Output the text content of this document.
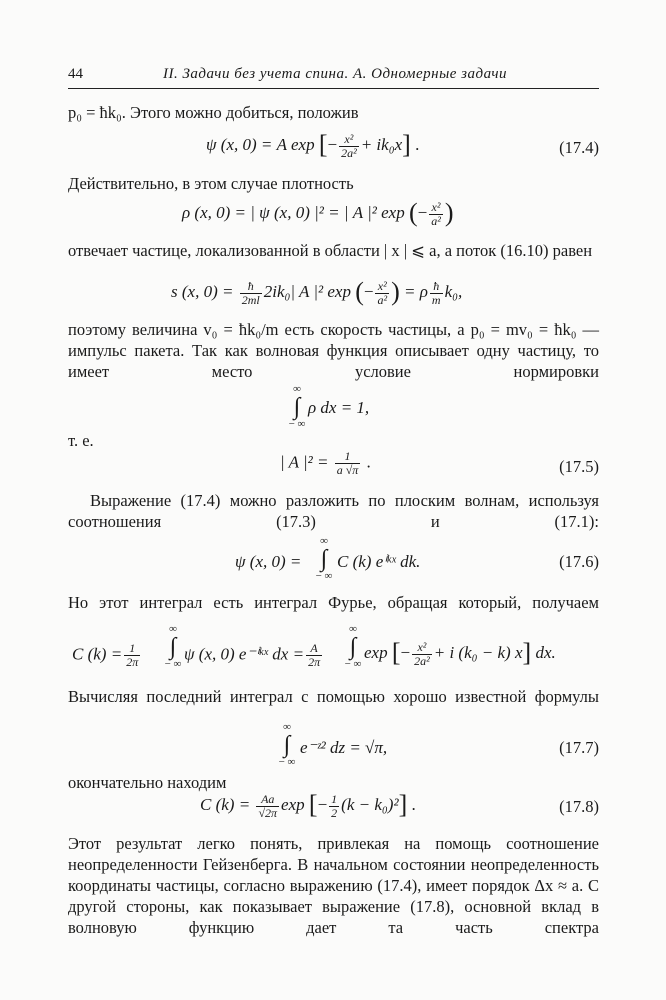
44	II. Задачи без учета спина. А. Одномерные задачи
p₀ = ħk₀. Этого можно добиться, положив
ψ (x, 0) = A exp [− $\frac{\text{x²}}{\text{2a²}} + ik_0x$] .	(17.4)
Действительно, в этом случае плотность
ρ (x, 0) = | ψ (x, 0) |² = | A |² exp (− $\frac{\text{x²}}{\text{a²}}$ )
отвечает частице, локализованной в области | x | ⩽ a, а поток (16.10) равен
s (x, $0) = \frac{ħ}{2ml} 2ik_0|$ A |² exp (− $\frac{\text{x²}}{\text{a²}}$ ) = ρ $\frac{ħ}{m} k_0$,
поэтому величина v₀ = ħk₀/m есть скорость частицы, а p₀ = mv₀ = ħk₀ — импульс пакета. Так как волновая функция описывает одну частицу, то имеет место условие нормировки
∞
∫
− ∞
ρ dx = 1,
т. е.
| A $|^2 = \frac{1}{a √\pi}$ .	(17.5)
Выражение (17.4) можно разложить по плоским волнам, используя соотношения (17.3) и (17.1):
ψ (x, 0) =
∞
∫
− ∞
C (k) eⁱᵏˣ dk.	(17.6)
Но этот интеграл есть интеграл Фурье, обращая который, получаем
C $(k) = \frac{1}{2\pi}$
∞
∫
− ∞
ψ (x, 0) e⁻ⁱᵏˣ dx = $\frac{A}{2\pi}$
∞
∫
− ∞
exp [− $\frac{\text{x²}}{\text{2a²}} + i$ (k₀ − k) x] dx.
Вычисляя последний интеграл с помощью хорошо известной формулы
∞
∫
− ∞
e⁻ᶻ² dz = √π,	(17.7)
окончательно находим
C $(k) = \frac{Aa}{√2\pi}$ exp [− $\frac{1}{2} (k - k_0)^2$] .	(17.8)
Этот результат легко понять, привлекая на помощь соотношение неопределенности Гейзенберга. В начальном состоянии неопределенность координаты частицы, согласно выражению (17.4), имеет порядок Δx ≈ a. С другой стороны, как показывает выражение (17.8), основной вклад в волновую функцию дает та часть спектра
